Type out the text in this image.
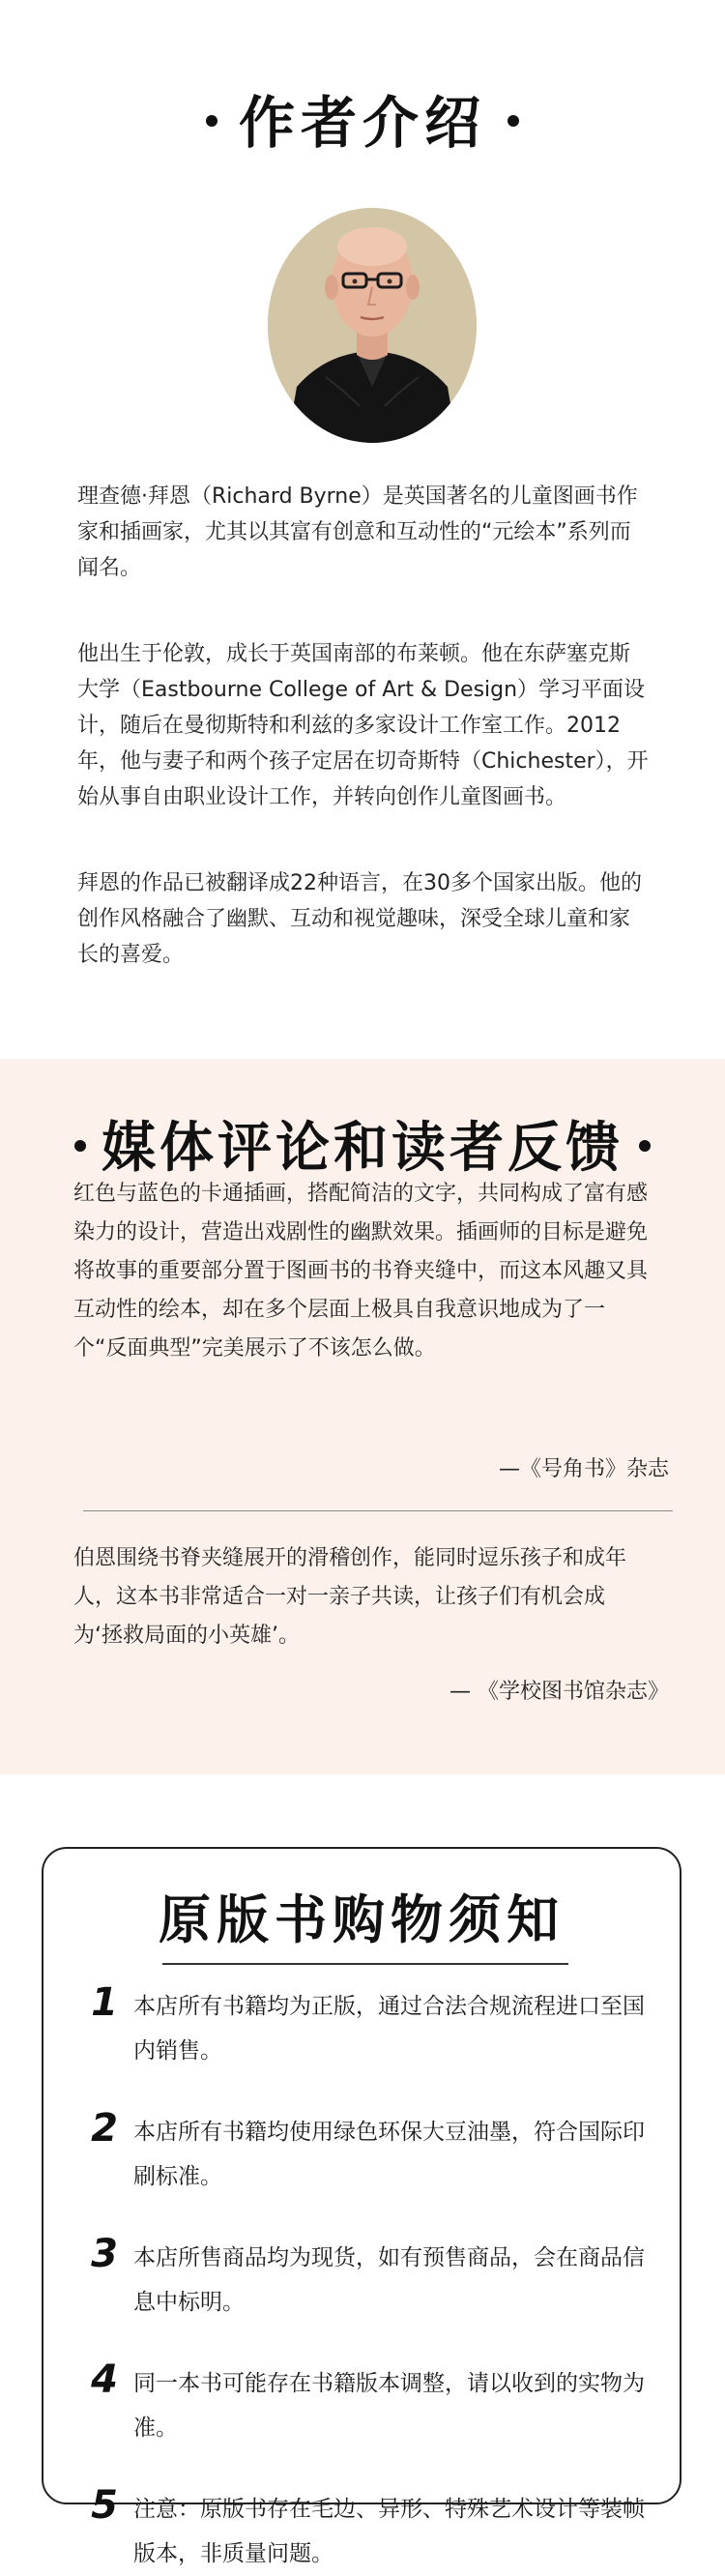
作者介绍

理查德·拜恩（Richard Byrne）是英国著名的儿童图画书作家和插画家，尤其以其富有创意和互动性的“元绘本”系列而闻名。

他出生于伦敦，成长于英国南部的布莱顿。他在东萨塞克斯大学（Eastbourne College of Art & Design）学习平面设计，随后在曼彻斯特和利兹的多家设计工作室工作。2012年，他与妻子和两个孩子定居在切奇斯特（Chichester），开始从事自由职业设计工作，并转向创作儿童图画书。

拜恩的作品已被翻译成22种语言，在30多个国家出版。他的创作风格融合了幽默、互动和视觉趣味，深受全球儿童和家长的喜爱。

媒体评论和读者反馈

红色与蓝色的卡通插画，搭配简洁的文字，共同构成了富有感染力的设计，营造出戏剧性的幽默效果。插画师的目标是避免将故事的重要部分置于图画书的书脊夹缝中，而这本风趣又具互动性的绘本，却在多个层面上极具自我意识地成为了一个“反面典型”完美展示了不该怎么做。

—《号角书》杂志

伯恩围绕书脊夹缝展开的滑稽创作，能同时逗乐孩子和成年人，这本书非常适合一对一亲子共读，让孩子们有机会成为‘拯救局面的小英雄’。

— 《学校图书馆杂志》
原版书购物须知
1 本店所有书籍均为正版，通过合法合规流程进口至国内销售。

2 本店所有书籍均使用绿色环保大豆油墨，符合国际印刷标准。

3 本店所售商品均为现货，如有预售商品，会在商品信息中标明。

4 同一本书可能存在书籍版本调整，请以收到的实物为准。

5 注意：原版书存在毛边、异形、特殊艺术设计等装帧版本，非质量问题。
